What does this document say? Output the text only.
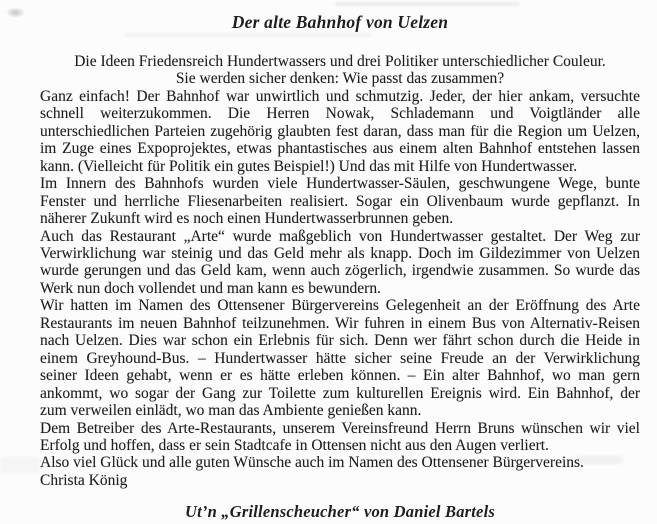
Der alte Bahnhof von Uelzen
Die Ideen Friedensreich Hundertwassers und drei Politiker unterschiedlicher Couleur.
Sie werden sicher denken: Wie passt das zusammen?
Ganz einfach! Der Bahnhof war unwirtlich und schmutzig. Jeder, der hier ankam, versuchte
schnell weiterzukommen. Die Herren Nowak, Schlademann und Voigtländer alle
unterschiedlichen Parteien zugehörig glaubten fest daran, dass man für die Region um Uelzen,
im Zuge eines Expoprojektes, etwas phantastisches aus einem alten Bahnhof entstehen lassen
kann. (Vielleicht für Politik ein gutes Beispiel!) Und das mit Hilfe von Hundertwasser.
Im Innern des Bahnhofs wurden viele Hundertwasser-Säulen, geschwungene Wege, bunte
Fenster und herrliche Fliesenarbeiten realisiert. Sogar ein Olivenbaum wurde gepflanzt. In
näherer Zukunft wird es noch einen Hundertwasserbrunnen geben.
Auch das Restaurant „Arte“ wurde maßgeblich von Hundertwasser gestaltet. Der Weg zur
Verwirklichung war steinig und das Geld mehr als knapp. Doch im Gildezimmer von Uelzen
wurde gerungen und das Geld kam, wenn auch zögerlich, irgendwie zusammen. So wurde das
Werk nun doch vollendet und man kann es bewundern.
Wir hatten im Namen des Ottensener Bürgervereins Gelegenheit an der Eröffnung des Arte
Restaurants im neuen Bahnhof teilzunehmen. Wir fuhren in einem Bus von Alternativ-Reisen
nach Uelzen. Dies war schon ein Erlebnis für sich. Denn wer fährt schon durch die Heide in
einem Greyhound-Bus. – Hundertwasser hätte sicher seine Freude an der Verwirklichung
seiner Ideen gehabt, wenn er es hätte erleben können. – Ein alter Bahnhof, wo man gern
ankommt, wo sogar der Gang zur Toilette zum kulturellen Ereignis wird. Ein Bahnhof, der
zum verweilen einlädt, wo man das Ambiente genießen kann.
Dem Betreiber des Arte-Restaurants, unserem Vereinsfreund Herrn Bruns wünschen wir viel
Erfolg und hoffen, dass er sein Stadtcafe in Ottensen nicht aus den Augen verliert.
Also viel Glück und alle guten Wünsche auch im Namen des Ottensener Bürgervereins.
Christa König

Ut’n „Grillenscheucher“ von Daniel Bartels
